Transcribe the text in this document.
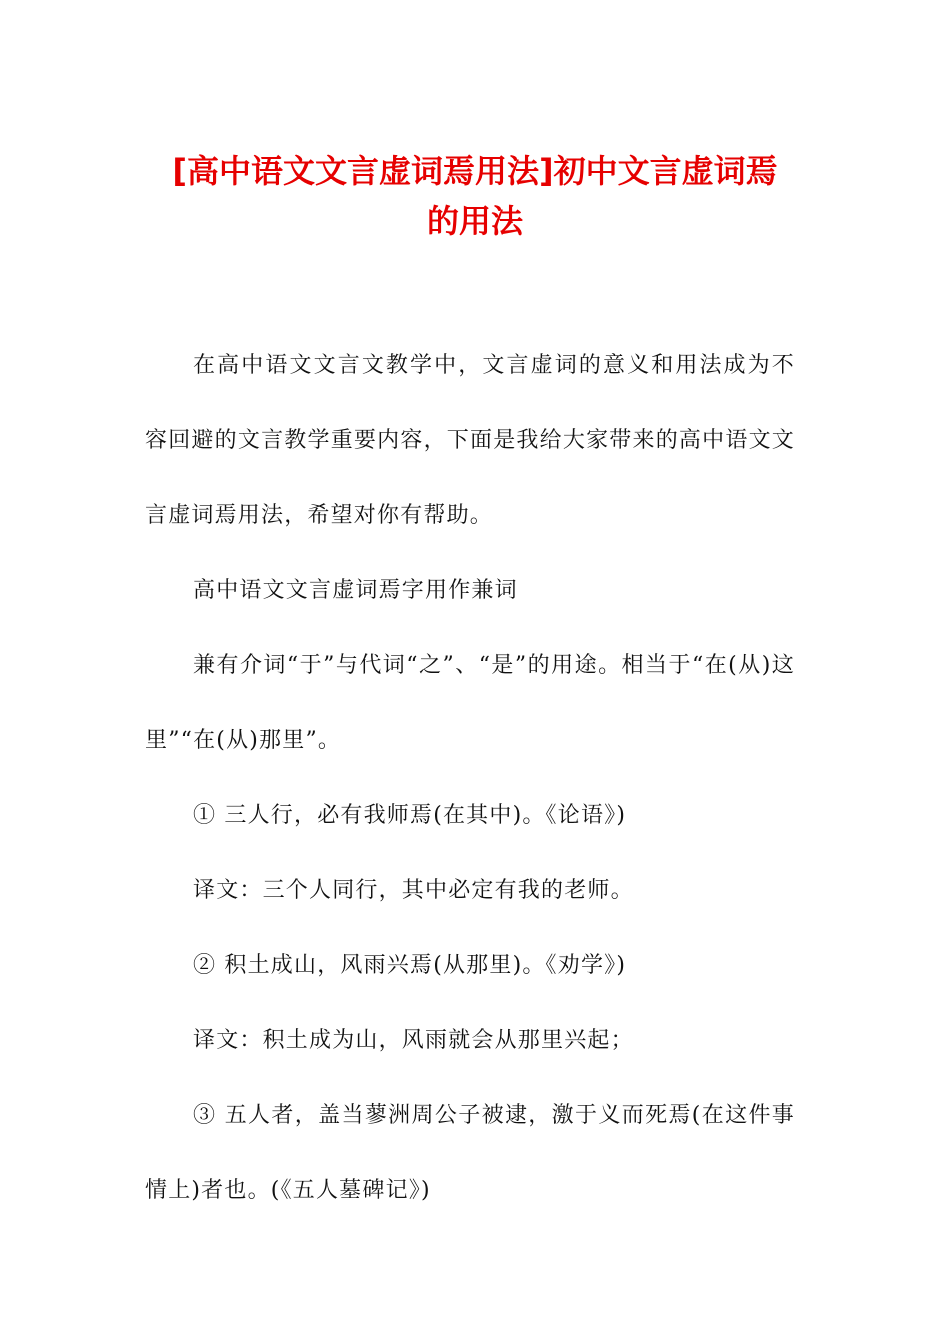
[高中语文文言虚词焉用法]初中文言虚词焉
的用法

在高中语文文言文教学中，文言虚词的意义和用法成为不容回避的文言教学重要内容，下面是我给大家带来的高中语文文言虚词焉用法，希望对你有帮助。

高中语文文言虚词焉字用作兼词

兼有介词“于”与代词“之”、“是”的用途。相当于“在(从)这里”“在(从)那里”。

① 三人行，必有我师焉(在其中)。《论语》)

译文：三个人同行，其中必定有我的老师。

② 积土成山，风雨兴焉(从那里)。《劝学》)

译文：积土成为山，风雨就会从那里兴起；

③ 五人者，盖当蓼洲周公子被逮，激于义而死焉(在这件事情上)者也。(《五人墓碑记》)
